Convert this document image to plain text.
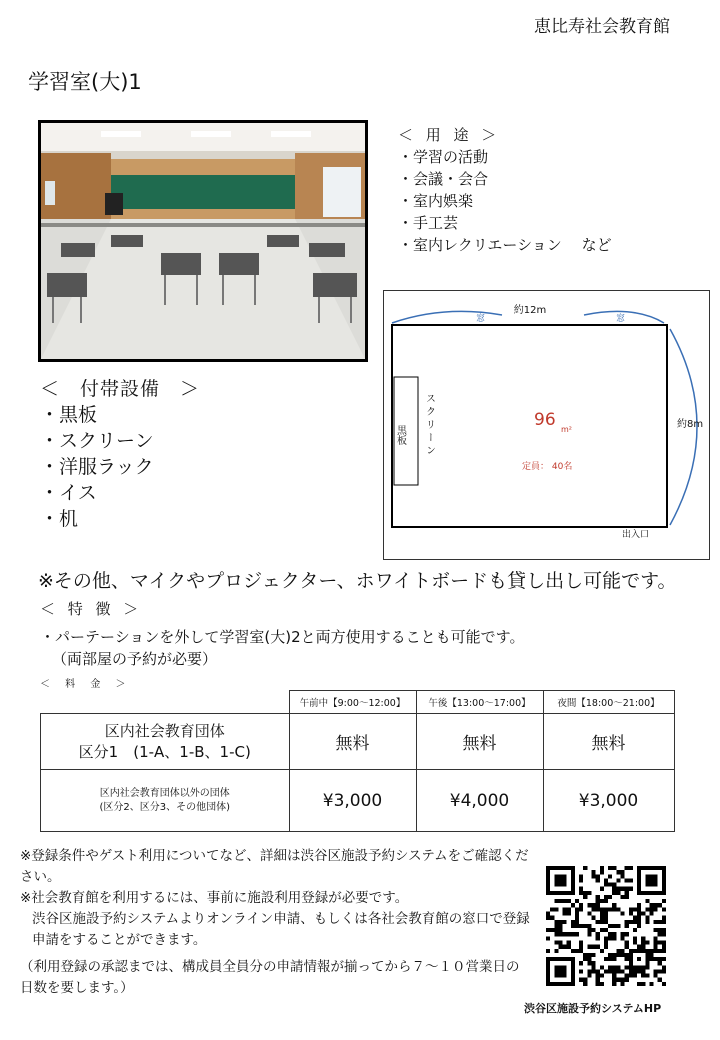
恵比寿社会教育館
学習室(大)1
＜ 用 途 ＞
・学習の活動
・会議・会合
・室内娯楽
・手工芸
・室内レクリエーション　 など
窓	窓
約12m
約8m
黒板 スクリーン	96 m²
定員： 40名
出入口
＜　付帯設備　＞
・黒板
・スクリーン
・洋服ラック
・イス
・机
※その他、マイクやプロジェクター、ホワイトボードも貸し出し可能です。
＜ 特 徴 ＞
・パーテーションを外して学習室(大)2と両方使用することも可能です。
（両部屋の予約が必要）
＜ 料 金 ＞
	午前中【9:00～12:00】	午後【13:00～17:00】	夜間【18:00～21:00】

区内社会教育団体
区分1　(1-A、1-B、1-C)	無料	無料	無料

区内社会教育団体以外の団体
(区分2、区分3、その他団体)	¥3,000	¥4,000	¥3,000

※登録条件やゲスト利用についてなど、詳細は渋谷区施設予約システムをご確認ください。

※社会教育館を利用するには、事前に施設利用登録が必要です。

渋谷区施設予約システムよりオンライン申請、もしくは各社会教育館の窓口で登録申請をすることができます。

（利用登録の承認までは、構成員全員分の申請情報が揃ってから７～１０営業日の日数を要します。）

渋谷区施設予約システムHP
